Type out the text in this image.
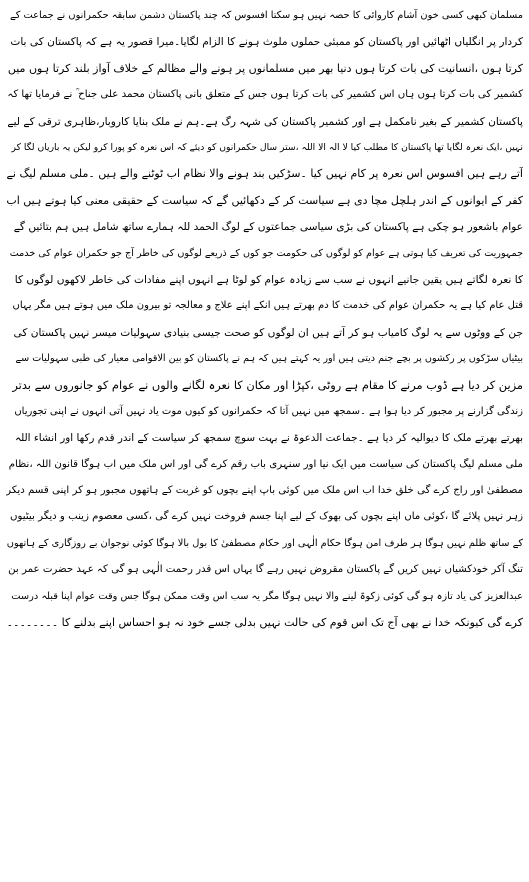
مسلمان کبھی کسی خون آشام کاروائی کا حصہ نہیں ہو سکتا افسوس کہ چند پاکستان دشمن سابقہ حکمرانوں نے جماعت کے
کردار پر انگلیاں اٹھائیں اور پاکستان کو ممبئی حملوں ملوث ہونے کا الزام لگایا۔میرا قصور یہ ہے کہ پاکستان کی بات
کرتا ہوں ،انسانیت کی بات کرتا ہوں دنیا بھر میں مسلمانوں پر ہونے والے مظالم کے خلاف آواز بلند کرتا ہوں میں
کشمیر کی بات کرتا ہوں ہاں اس کشمیر کی بات کرتا ہوں جس کے متعلق بانی پاکستان محمد علی جناح ؒ نے فرمایا تھا کہ
پاکستان کشمیر کے بغیر نامکمل ہے اور کشمیر پاکستان کی شہہ رگ ہے۔ہم نے ملک بنایا کاروبار،ظاہری ترقی کے لیے
نہیں ،ایک نعرہ لگایا تھا پاکستان کا مطلب کیا لا الہ الا اللہ ،ستر سال حکمرانوں کو دیئے کہ اس نعرہ کو پورا کرو لیکن یہ باریاں لگا کر
آتے رہے ہیں افسوس اس نعرہ پر کام نہیں کیا ۔سڑکیں بند ہونے والا نظام اب ٹوٹنے والے ہیں ۔ملی مسلم لیگ نے
کفر کے ایوانوں کے اندر ہلچل مچا دی ہے سیاست کر کے دکھائیں گے کہ سیاست کے حقیقی معنی کیا ہوتے ہیں اب
عوام باشعور ہو چکی ہے پاکستان کی بڑی سیاسی جماعتوں کے لوگ الحمد للہ ہمارے ساتھ شامل ہیں ہم بتائیں گے
جمہوریت کی تعریف کیا ہوتی ہے عوام کو لوگوں کی حکومت جو کوں کے ذریعے لوگوں کی خاطر آج جو حکمران عوام کی خدمت
کا نعرہ لگاتے ہیں یقین جانیے انہوں نے سب سے زیادہ عوام کو لوٹا ہے انہوں اپنے مفادات کی خاطر لاکھوں لوگوں کا
قتل عام کیا ہے یہ حکمران عوام کی خدمت کا دم بھرتے ہیں انکے اپنے علاج و معالجہ تو بیرون ملک میں ہوتے ہیں مگر یہاں
جن کے ووٹوں سے یہ لوگ کامیاب ہو کر آتے ہیں ان لوگوں کو صحت جیسی بنیادی سہولیات میسر نہیں پاکستان کی
بیٹیاں سڑکوں پر رکشوں پر بچے جنم دیتی ہیں اور یہ کہتے ہیں کہ ہم نے پاکستان کو بین الاقوامی معیار کی طبی سہولیات سے
مزین کر دیا ہے ڈوب مرنے کا مقام ہے روٹی ،کپڑا اور مکان کا نعرہ لگانے والوں نے عوام کو جانوروں سے بدتر
زندگی گزارنے پر مجبور کر دیا ہوا ہے ۔سمجھ میں نہیں آتا کہ حکمرانوں کو کیوں موت یاد نہیں آتی انہوں نے اپنی تجوریاں
بھرتے بھرتے ملک کا دیوالیہ کر دیا ہے ۔جماعت الدعوۃ نے بہت سوچ سمجھ کر سیاست کے اندر قدم رکھا اور انشاء اللہ
ملی مسلم لیگ پاکستان کی سیاست میں ایک نیا اور سنہری باب رقم کرے گی اور اس ملک میں اب ہوگا قانون اللہ ،نظام
مصطفیٰ اور راج کرے گی خلق خدا اب اس ملک میں کوئی باپ اپنے بچوں کو غربت کے ہاتھوں مجبور ہو کر اپنی قسم دیکر
زہر نہیں پلائے گا ،کوئی ماں اپنے بچوں کی بھوک کے لیے اپنا جسم فروخت نہیں کرے گی ،کسی معصوم زینب و دیگر بیٹیوں
کے ساتھ ظلم نہیں ہوگا ہر طرف امن ہوگا حکام الٰہی اور حکام مصطفیٰ کا بول بالا ہوگا کوئی نوجوان بے روزگاری کے ہاتھوں
تنگ آکر خودکشیاں نہیں کریں گے پاکستان مقروض نہیں رہے گا یہاں اس قدر رحمت الٰہی ہو گی کہ عہد حضرت عمر بن
عبدالعزیز کی یاد تازہ ہو گی کوئی زکوۃ لینے والا نہیں ہوگا مگر یہ سب اس وقت ممکن ہوگا جس وقت عوام اپنا قبلہ درست
کرے گی کیونکہ خدا نے بھی آج تک اس قوم کی حالت نہیں بدلی جسے خود نہ ہو احساس اپنے بدلنے کا ۔۔۔۔۔۔۔۔
